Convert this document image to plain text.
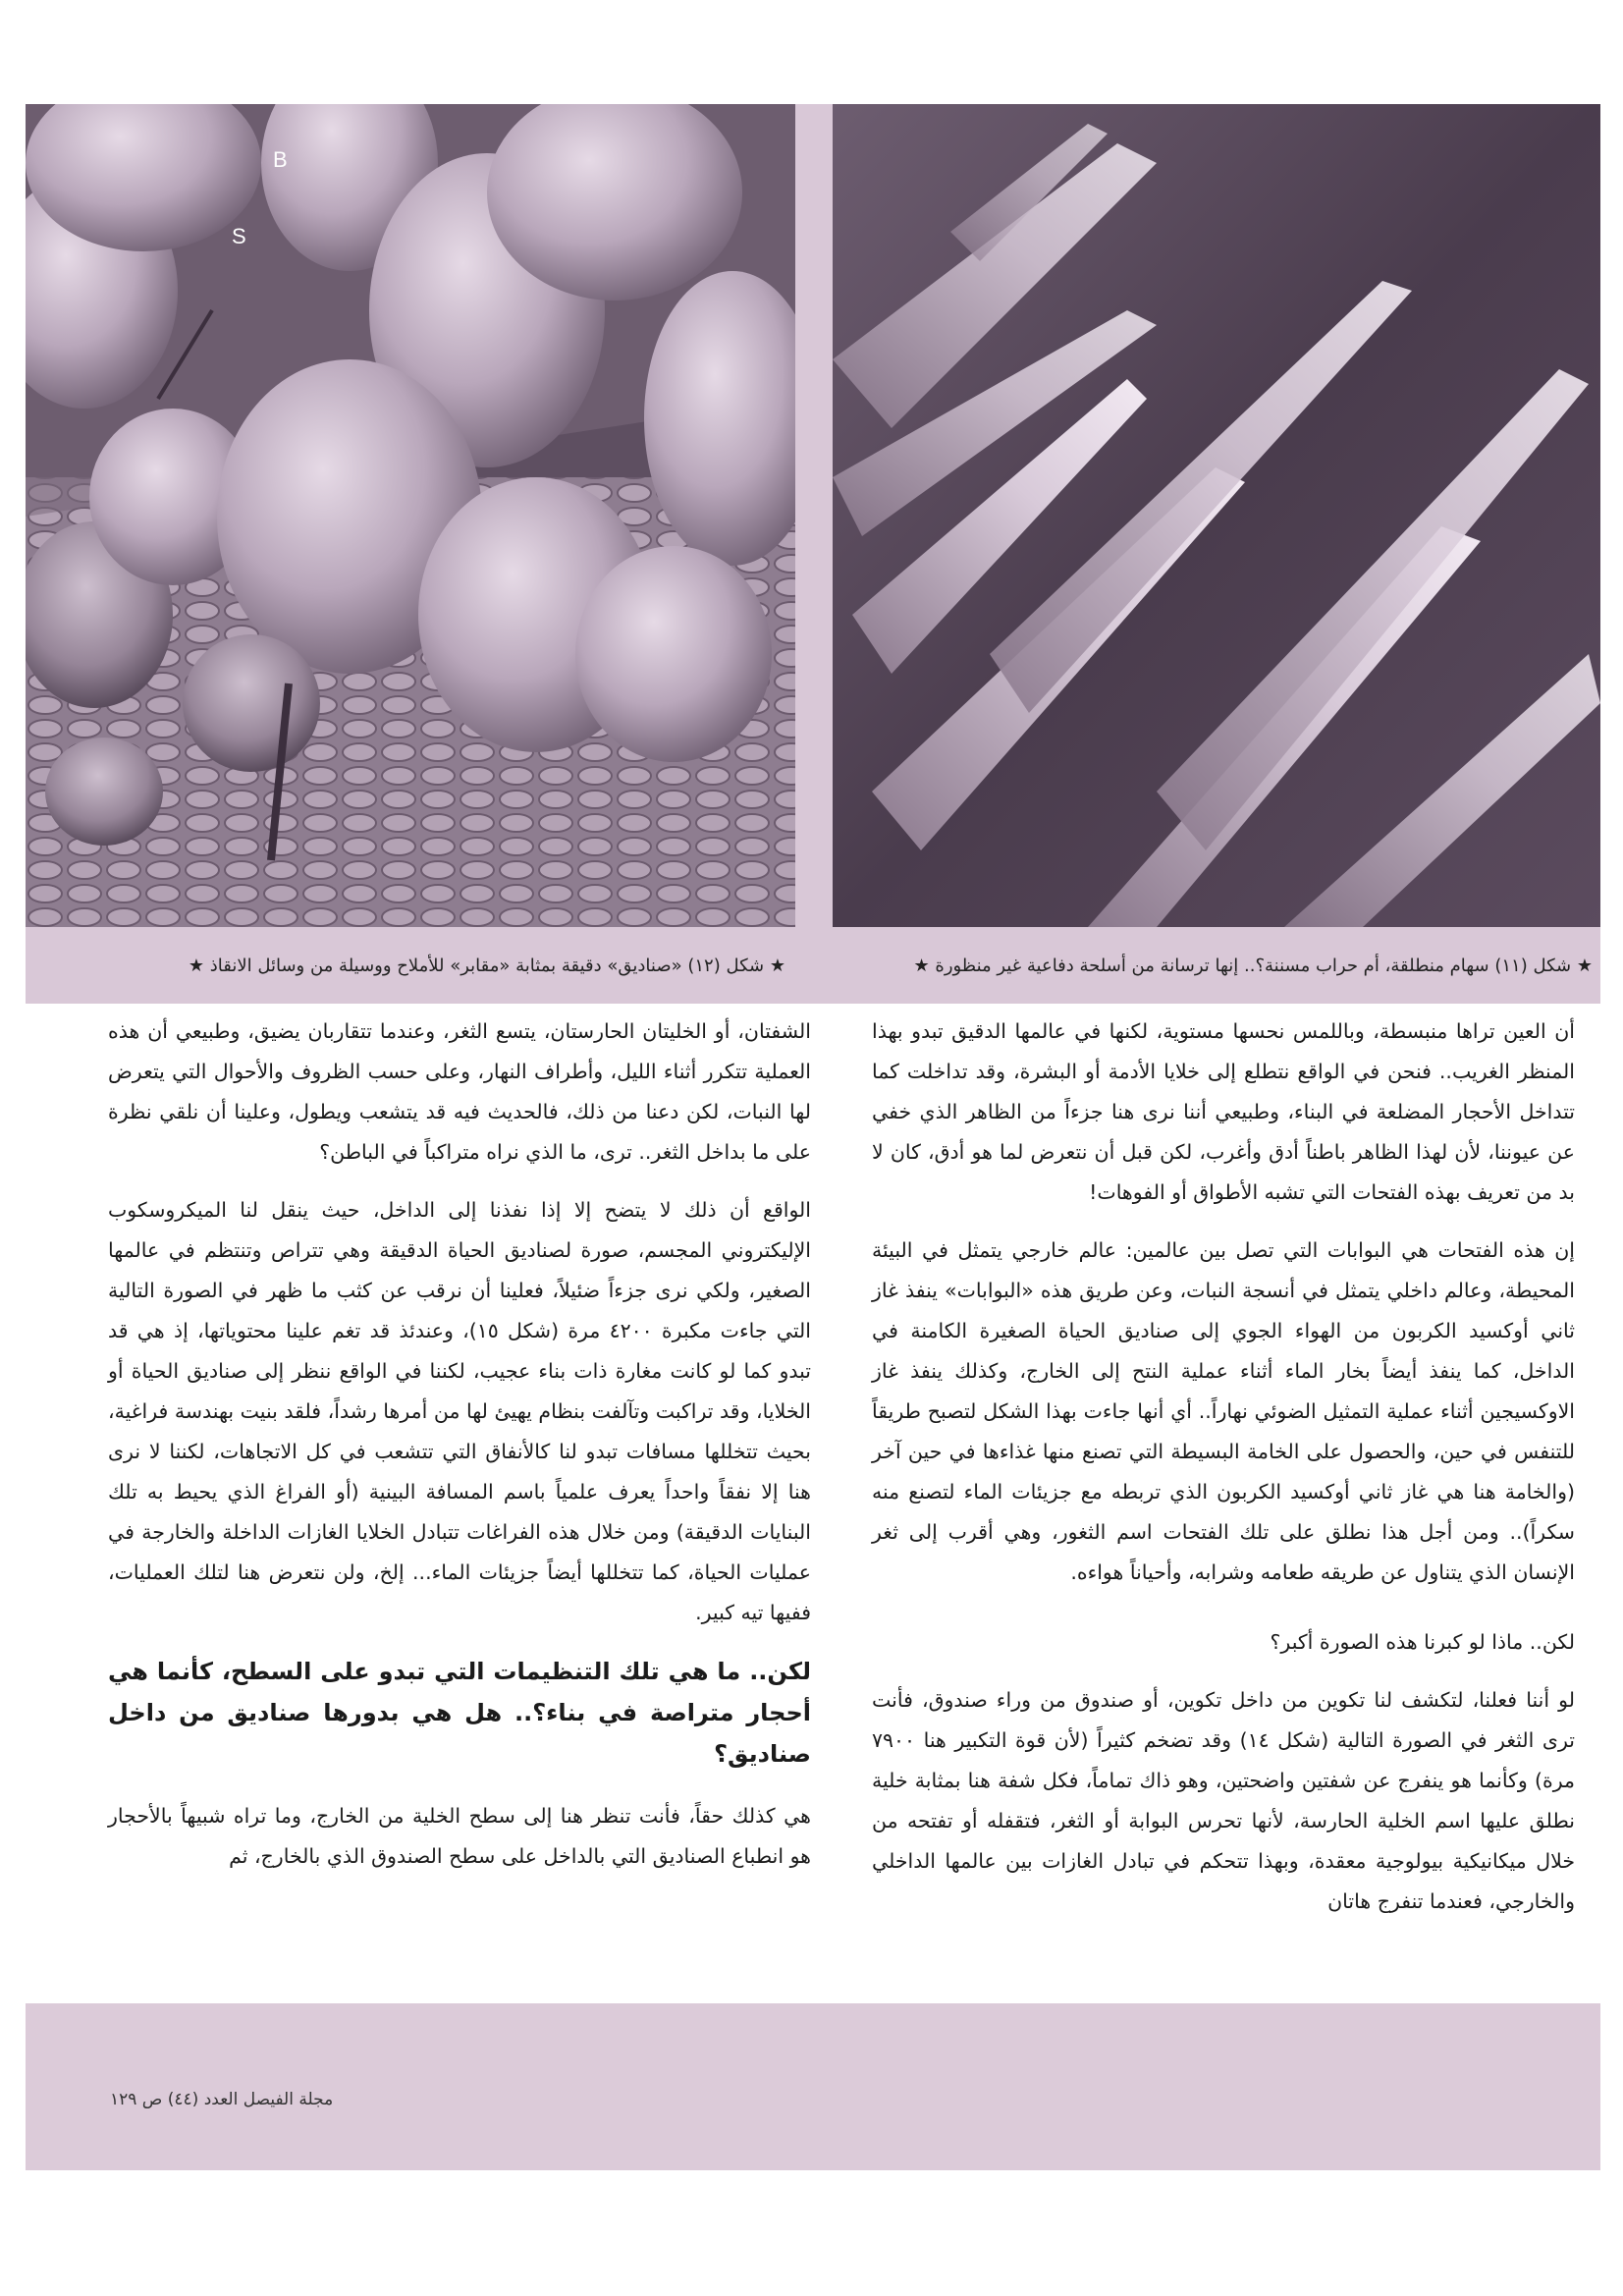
B
S
★ شكل (١٢) «صناديق» دقيقة بمثابة «مقابر» للأملاح ووسيلة من وسائل الانقاذ ★	★ شكل (١١) سهام منطلقة، أم حراب مسننة؟.. إنها ترسانة من أسلحة دفاعية غير منظورة ★

أن العين تراها منبسطة، وباللمس نحسها مستوية، لكنها في عالمها الدقيق تبدو بهذا المنظر الغريب.. فنحن في الواقع نتطلع إلى خلايا الأدمة أو البشرة، وقد تداخلت كما تتداخل الأحجار المضلعة في البناء، وطبيعي أننا نرى هنا جزءاً من الظاهر الذي خفي عن عيوننا، لأن لهذا الظاهر باطناً أدق وأغرب، لكن قبل أن نتعرض لما هو أدق، كان لا بد من تعريف بهذه الفتحات التي تشبه الأطواق أو الفوهات!

إن هذه الفتحات هي البوابات التي تصل بين عالمين: عالم خارجي يتمثل في البيئة المحيطة، وعالم داخلي يتمثل في أنسجة النبات، وعن طريق هذه «البوابات» ينفذ غاز ثاني أوكسيد الكربون من الهواء الجوي إلى صناديق الحياة الصغيرة الكامنة في الداخل، كما ينفذ أيضاً بخار الماء أثناء عملية النتح إلى الخارج، وكذلك ينفذ غاز الاوكسيجين أثناء عملية التمثيل الضوئي نهاراً.. أي أنها جاءت بهذا الشكل لتصبح طريقاً للتنفس في حين، والحصول على الخامة البسيطة التي تصنع منها غذاءها في حين آخر (والخامة هنا هي غاز ثاني أوكسيد الكربون الذي تربطه مع جزيئات الماء لتصنع منه سكراً).. ومن أجل هذا نطلق على تلك الفتحات اسم الثغور، وهي أقرب إلى ثغر الإنسان الذي يتناول عن طريقه طعامه وشرابه، وأحياناً هواءه.

لكن.. ماذا لو كبرنا هذه الصورة أكبر؟

لو أننا فعلنا، لتكشف لنا تكوين من داخل تكوين، أو صندوق من وراء صندوق، فأنت ترى الثغر في الصورة التالية (شكل ١٤) وقد تضخم كثيراً (لأن قوة التكبير هنا ٧٩٠٠ مرة) وكأنما هو ينفرج عن شفتين واضحتين، وهو ذاك تماماً، فكل شفة هنا بمثابة خلية نطلق عليها اسم الخلية الحارسة، لأنها تحرس البوابة أو الثغر، فتقفله أو تفتحه من خلال ميكانيكية بيولوجية معقدة، وبهذا تتحكم في تبادل الغازات بين عالمها الداخلي والخارجي، فعندما تنفرج هاتان

الشفتان، أو الخليتان الحارستان، يتسع الثغر، وعندما تتقاربان يضيق، وطبيعي أن هذه العملية تتكرر أثناء الليل، وأطراف النهار، وعلى حسب الظروف والأحوال التي يتعرض لها النبات، لكن دعنا من ذلك، فالحديث فيه قد يتشعب ويطول، وعلينا أن نلقي نظرة على ما بداخل الثغر.. ترى، ما الذي نراه متراكباً في الباطن؟

الواقع أن ذلك لا يتضح إلا إذا نفذنا إلى الداخل، حيث ينقل لنا الميكروسكوب الإليكتروني المجسم، صورة لصناديق الحياة الدقيقة وهي تتراص وتنتظم في عالمها الصغير، ولكي نرى جزءاً ضئيلاً، فعلينا أن نرقب عن كثب ما ظهر في الصورة التالية التي جاءت مكبرة ٤٢٠٠ مرة (شكل ١٥)، وعندئذ قد تغم علينا محتوياتها، إذ هي قد تبدو كما لو كانت مغارة ذات بناء عجيب، لكننا في الواقع ننظر إلى صناديق الحياة أو الخلايا، وقد تراكبت وتآلفت بنظام يهيئ لها من أمرها رشداً، فلقد بنيت بهندسة فراغية، بحيث تتخللها مسافات تبدو لنا كالأنفاق التي تتشعب في كل الاتجاهات، لكننا لا نرى هنا إلا نفقاً واحداً يعرف علمياً باسم المسافة البينية (أو الفراغ الذي يحيط به تلك البنايات الدقيقة) ومن خلال هذه الفراغات تتبادل الخلايا الغازات الداخلة والخارجة في عمليات الحياة، كما تتخللها أيضاً جزيئات الماء... إلخ، ولن نتعرض هنا لتلك العمليات، ففيها تيه كبير.

لكن.. ما هي تلك التنظيمات التي تبدو على السطح، كأنما هي أحجار متراصة في بناء؟.. هل هي بدورها صناديق من داخل صناديق؟

هي كذلك حقاً، فأنت تنظر هنا إلى سطح الخلية من الخارج، وما تراه شبيهاً بالأحجار هو انطباع الصناديق التي بالداخل على سطح الصندوق الذي بالخارج، ثم

مجلة الفيصل العدد (٤٤) ص ١٢٩
